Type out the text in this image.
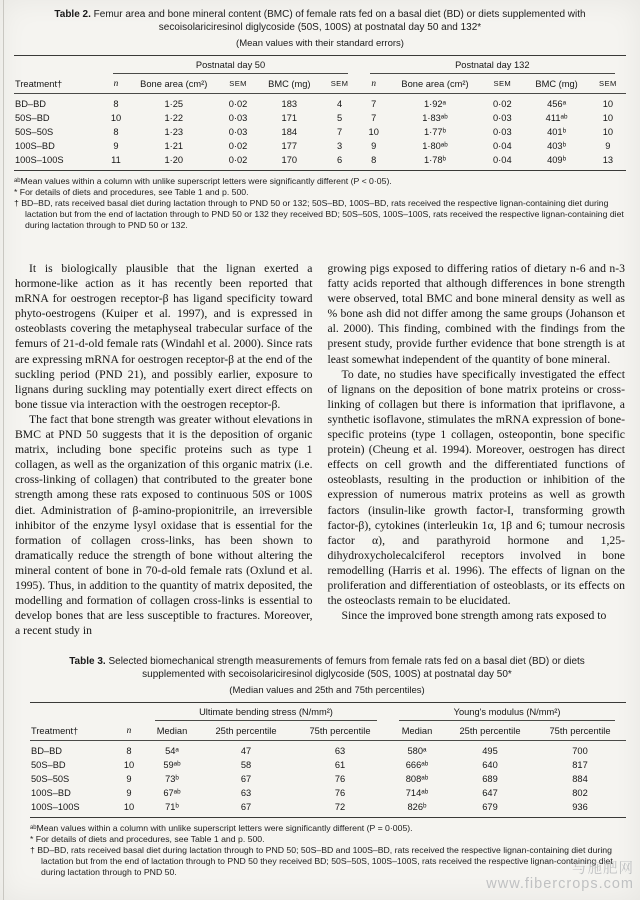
Table 2. Femur area and bone mineral content (BMC) of female rats fed on a basal diet (BD) or diets supplemented with secoisolariciresinol diglycoside (50S, 100S) at postnatal day 50 and 132*
(Mean values with their standard errors)

	Postnatal day 50					Postnatal day 132				

Treatment†	n	Bone area (cm²)	SEM	BMC (mg)	SEM	n	Bone area (cm²)	SEM	BMC (mg)	SEM
BD–BD	8	1·25	0·02	183	4	7	1·92ᵃ	0·02	456ᵃ	10
50S–BD	10	1·22	0·03	171	5	7	1·83ᵃᵇ	0·03	411ᵃᵇ	10
50S–50S	8	1·23	0·03	184	7	10	1·77ᵇ	0·03	401ᵇ	10
100S–BD	9	1·21	0·02	177	3	9	1·80ᵃᵇ	0·04	403ᵇ	9
100S–100S	11	1·20	0·02	170	6	8	1·78ᵇ	0·04	409ᵇ	13

ᵃᵇMean values within a column with unlike superscript letters were significantly different (P < 0·05).

* For details of diets and procedures, see Table 1 and p. 500.

† BD–BD, rats received basal diet during lactation through to PND 50 or 132; 50S–BD, 100S–BD, rats received the respective lignan-containing diet during lactation but from the end of lactation through to PND 50 or 132 they received BD; 50S–50S, 100S–100S, rats received the respective lignan-containing diet during lactation through to PND 50 or 132.

It is biologically plausible that the lignan exerted a hormone-like action as it has recently been reported that mRNA for oestrogen receptor-β has ligand specificity toward phyto-oestrogens (Kuiper et al. 1997), and is expressed in osteoblasts covering the metaphyseal trabecular surface of the femurs of 21-d-old female rats (Windahl et al. 2000). Since rats are expressing mRNA for oestrogen receptor-β at the end of the suckling period (PND 21), and possibly earlier, exposure to lignans during suckling may potentially exert direct effects on bone tissue via interaction with the oestrogen receptor-β.

The fact that bone strength was greater without elevations in BMC at PND 50 suggests that it is the deposition of organic matrix, including bone specific proteins such as type 1 collagen, as well as the organization of this organic matrix (i.e. cross-linking of collagen) that contributed to the greater bone strength among these rats exposed to continuous 50S or 100S diet. Administration of β-amino-propionitrile, an irreversible inhibitor of the enzyme lysyl oxidase that is essential for the formation of collagen cross-links, has been shown to dramatically reduce the strength of bone without altering the mineral content of bone in 70-d-old female rats (Oxlund et al. 1995). Thus, in addition to the quantity of matrix deposited, the modelling and formation of collagen cross-links is essential to develop bones that are less susceptible to fractures. Moreover, a recent study in

growing pigs exposed to differing ratios of dietary n-6 and n-3 fatty acids reported that although differences in bone strength were observed, total BMC and bone mineral density as well as % bone ash did not differ among the same groups (Johanson et al. 2000). This finding, combined with the findings from the present study, provide further evidence that bone strength is at least somewhat independent of the quantity of bone mineral.

To date, no studies have specifically investigated the effect of lignans on the deposition of bone matrix proteins or cross-linking of collagen but there is information that ipriflavone, a synthetic isoflavone, stimulates the mRNA expression of bone-specific proteins (type 1 collagen, osteopontin, bone specific protein) (Cheung et al. 1994). Moreover, oestrogen has direct effects on cell growth and the differentiated functions of osteoblasts, resulting in the production or inhibition of the expression of numerous matrix proteins as well as growth factors (insulin-like growth factor-I, transforming growth factor-β), cytokines (interleukin 1α, 1β and 6; tumour necrosis factor α), and parathyroid hormone and 1,25-dihydroxycholecalciferol receptors involved in bone remodelling (Harris et al. 1996). The effects of lignan on the proliferation and differentiation of osteoblasts, or its effects on the osteoclasts remain to be elucidated.

Since the improved bone strength among rats exposed to

Table 3. Selected biomechanical strength measurements of femurs from female rats fed on a basal diet (BD) or diets supplemented with secoisolariciresinol diglycoside (50S, 100S) at postnatal day 50*
(Median values and 25th and 75th percentiles)

		Ultimate bending stress (N/mm²)			Young's modulus (N/mm²)		

Treatment†	n	Median	25th percentile	75th percentile	Median	25th percentile	75th percentile
BD–BD	8	54ᵃ	47	63	580ᵃ	495	700
50S–BD	10	59ᵃᵇ	58	61	666ᵃᵇ	640	817
50S–50S	9	73ᵇ	67	76	808ᵃᵇ	689	884
100S–BD	9	67ᵃᵇ	63	76	714ᵃᵇ	647	802
100S–100S	10	71ᵇ	67	72	826ᵇ	679	936

ᵃᵇMean values within a column with unlike superscript letters were significantly different (P = 0·005).

* For details of diets and procedures, see Table 1 and p. 500.

† BD–BD, rats received basal diet during lactation through to PND 50; 50S–BD and 100S–BD, rats received the respective lignan-containing diet during lactation but from the end of lactation through to PND 50 they received BD; 50S–50S, 100S–100S, rats received the respective lignan-containing diet during lactation through to PND 50.	与施肥网
www.fibercrops.com
